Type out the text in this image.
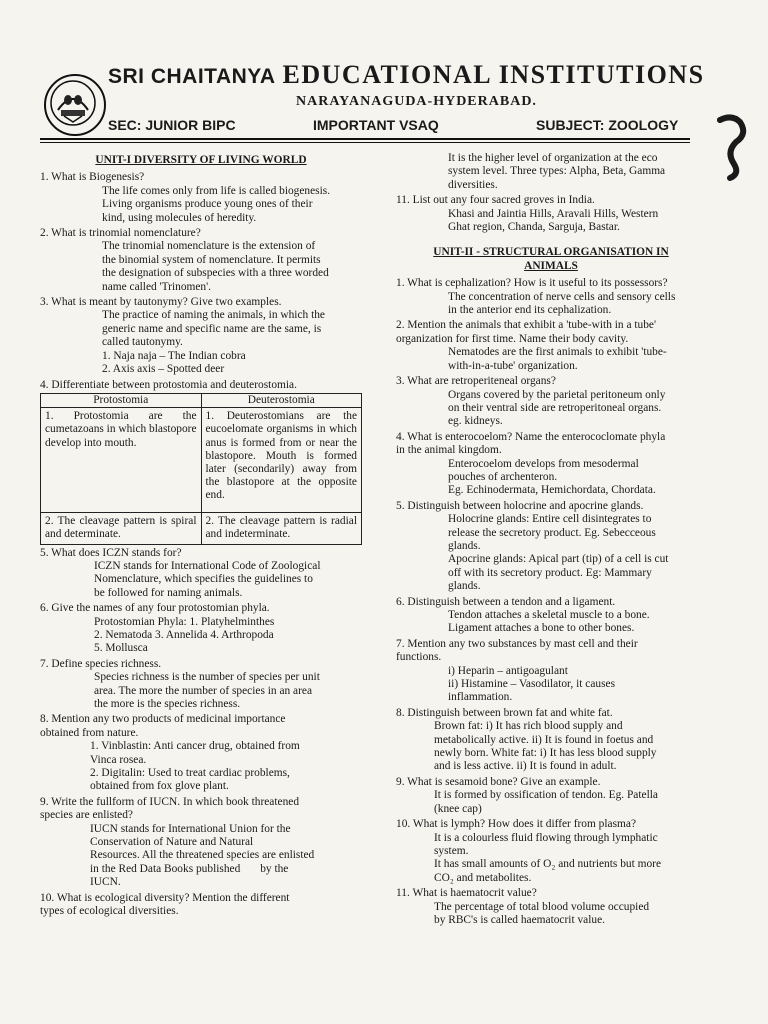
SRI CHAITANYA EDUCATIONAL INSTITUTIONS
NARAYANAGUDA-HYDERABAD.
SEC: JUNIOR BIPC	IMPORTANT VSAQ	SUBJECT: ZOOLOGY
UNIT-I DIVERSITY OF LIVING WORLD
1. What is Biogenesis?
The life comes only from life is called biogenesis.
Living organisms produce young ones of their
kind, using molecules of heredity.
2. What is trinomial nomenclature?
The trinomial nomenclature is the extension of
the binomial system of nomenclature. It permits
the designation of subspecies with a three worded
name called 'Trinomen'.
3. What is meant by tautonymy? Give two examples.
The practice of naming the animals, in which the
generic name and specific name are the same, is
called tautonymy.
1. Naja naja – The Indian cobra
2. Axis axis – Spotted deer
4. Differentiate between protostomia and deuterostomia.
Protostomia	Deuterostomia
1. Protostomia are the cumetazoans in which blastopore develop into mouth.	1. Deuterostomians are the eucoelomate organisms in which anus is formed from or near the blastopore. Mouth is formed later (secondarily) away from the blastopore at the opposite end.
2. The cleavage pattern is spiral and determinate.	2. The cleavage pattern is radial and indeterminate.
5. What does ICZN stands for?
ICZN stands for International Code of Zoological
Nomenclature, which specifies the guidelines to
be followed for naming animals.
6. Give the names of any four protostomian phyla.
Protostomian Phyla: 1. Platyhelminthes
2. Nematoda 3. Annelida 4. Arthropoda
5. Mollusca
7. Define species richness.
Species richness is the number of species per unit
area. The more the number of species in an area
the more is the species richness.
8. Mention any two products of medicinal importance
obtained from nature.
1. Vinblastin: Anti cancer drug, obtained from
Vinca rosea.
2. Digitalin: Used to treat cardiac problems,
obtained from fox glove plant.
9. Write the fullform of IUCN. In which book threatened
species are enlisted?
IUCN stands for International Union for the
Conservation of Nature and Natural
Resources. All the threatened species are enlisted
in the Red Data Books published       by the
IUCN.
10. What is ecological diversity? Mention the different
types of ecological diversities.
It is the higher level of organization at the eco
system level. Three types: Alpha, Beta, Gamma
diversities.
11. List out any four sacred groves in India.
Khasi and Jaintia Hills, Aravali Hills, Western
Ghat region, Chanda, Sarguja, Bastar.
UNIT-II - STRUCTURAL ORGANISATION IN
ANIMALS
1. What is cephalization? How is it useful to its possessors?
The concentration of nerve cells and sensory cells
in the anterior end its cephalization.
2. Mention the animals that exhibit a 'tube-with in a tube'
organization for first time. Name their body cavity.
Nematodes are the first animals to exhibit 'tube-
with-in-a-tube' organization.
3. What are retroperiteneal organs?
Organs covered by the parietal peritoneum only
on their ventral side are retroperitoneal organs.
eg. kidneys.
4. What is enterocoelom? Name the enterococlomate phyla
in the animal kingdom.
Enterocoelom develops from mesodermal
pouches of archenteron.
Eg. Echinodermata, Hemichordata, Chordata.
5. Distinguish between holocrine and apocrine glands.
Holocrine glands: Entire cell disintegrates to
release the secretory product. Eg. Sebecceous
glands.
Apocrine glands: Apical part (tip) of a cell is cut
off with its secretory product. Eg: Mammary
glands.
6. Distinguish between a tendon and a ligament.
Tendon attaches a skeletal muscle to a bone.
Ligament attaches a bone to other bones.
7. Mention any two substances by mast cell and their
functions.
i) Heparin – antigoagulant
ii) Histamine – Vasodilator, it causes
inflammation.
8. Distinguish between brown fat and white fat.
Brown fat: i) It has rich blood supply and
metabolically active. ii) It is found in foetus and
newly born. White fat: i) It has less blood supply
and is less active. ii) It is found in adult.
9. What is sesamoid bone? Give an example.
It is formed by ossification of tendon. Eg. Patella
(knee cap)
10. What is lymph? How does it differ from plasma?
It is a colourless fluid flowing through lymphatic
system.
It has small amounts of O₂ and nutrients but more
CO₂ and metabolites.
11. What is haematocrit value?
The percentage of total blood volume occupied
by RBC's is called haematocrit value.
